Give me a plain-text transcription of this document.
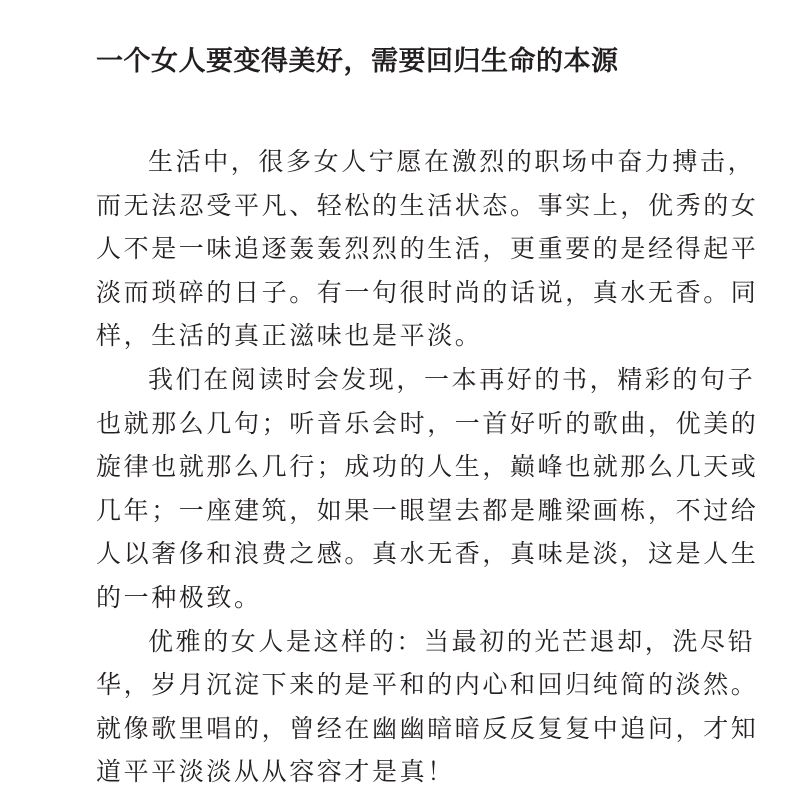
一个女人要变得美好，需要回归生命的本源
生活中，很多女人宁愿在激烈的职场中奋力搏击，
而无法忍受平凡、轻松的生活状态。事实上，优秀的女
人不是一味追逐轰轰烈烈的生活，更重要的是经得起平
淡而琐碎的日子。有一句很时尚的话说，真水无香。同
样，生活的真正滋味也是平淡。
我们在阅读时会发现，一本再好的书，精彩的句子
也就那么几句；听音乐会时，一首好听的歌曲，优美的
旋律也就那么几行；成功的人生，巅峰也就那么几天或
几年；一座建筑，如果一眼望去都是雕梁画栋，不过给
人以奢侈和浪费之感。真水无香，真味是淡，这是人生
的一种极致。
优雅的女人是这样的：当最初的光芒退却，洗尽铅
华，岁月沉淀下来的是平和的内心和回归纯简的淡然。
就像歌里唱的，曾经在幽幽暗暗反反复复中追问，才知
道平平淡淡从从容容才是真！
